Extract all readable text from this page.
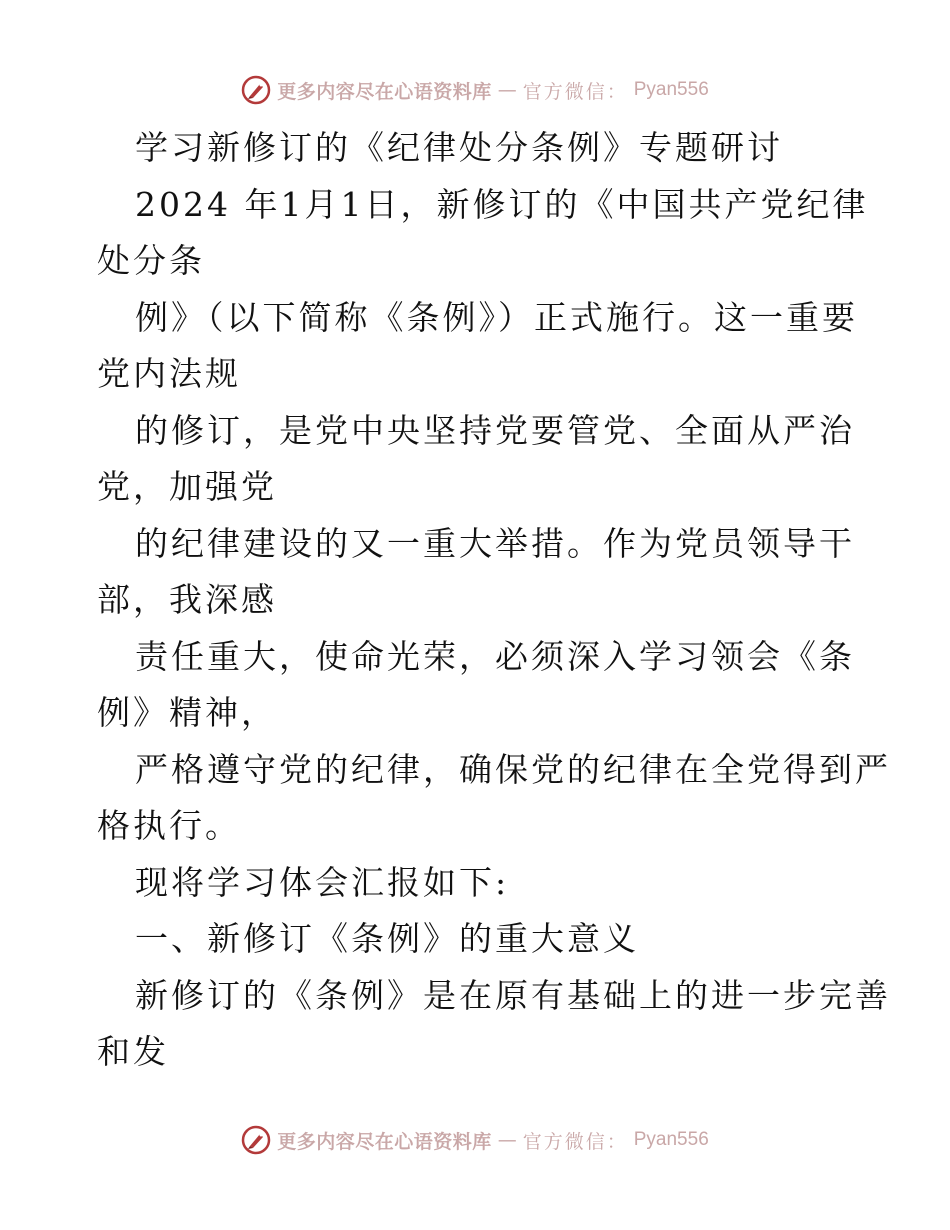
更多内容尽在心语资料库 — 官方微信： Pyan556
学习新修订的《纪律处分条例》专题研讨
2024 年1月1日，新修订的《中国共产党纪律
处分条
例》（以下简称《条例》）正式施行。这一重要
党内法规
的修订，是党中央坚持党要管党、全面从严治
党，加强党
的纪律建设的又一重大举措。作为党员领导干
部，我深感
责任重大，使命光荣，必须深入学习领会《条
例》精神，
严格遵守党的纪律，确保党的纪律在全党得到严
格执行。
现将学习体会汇报如下:
一、新修订《条例》的重大意义
新修订的《条例》是在原有基础上的进一步完善
和发
更多内容尽在心语资料库 — 官方微信： Pyan556
